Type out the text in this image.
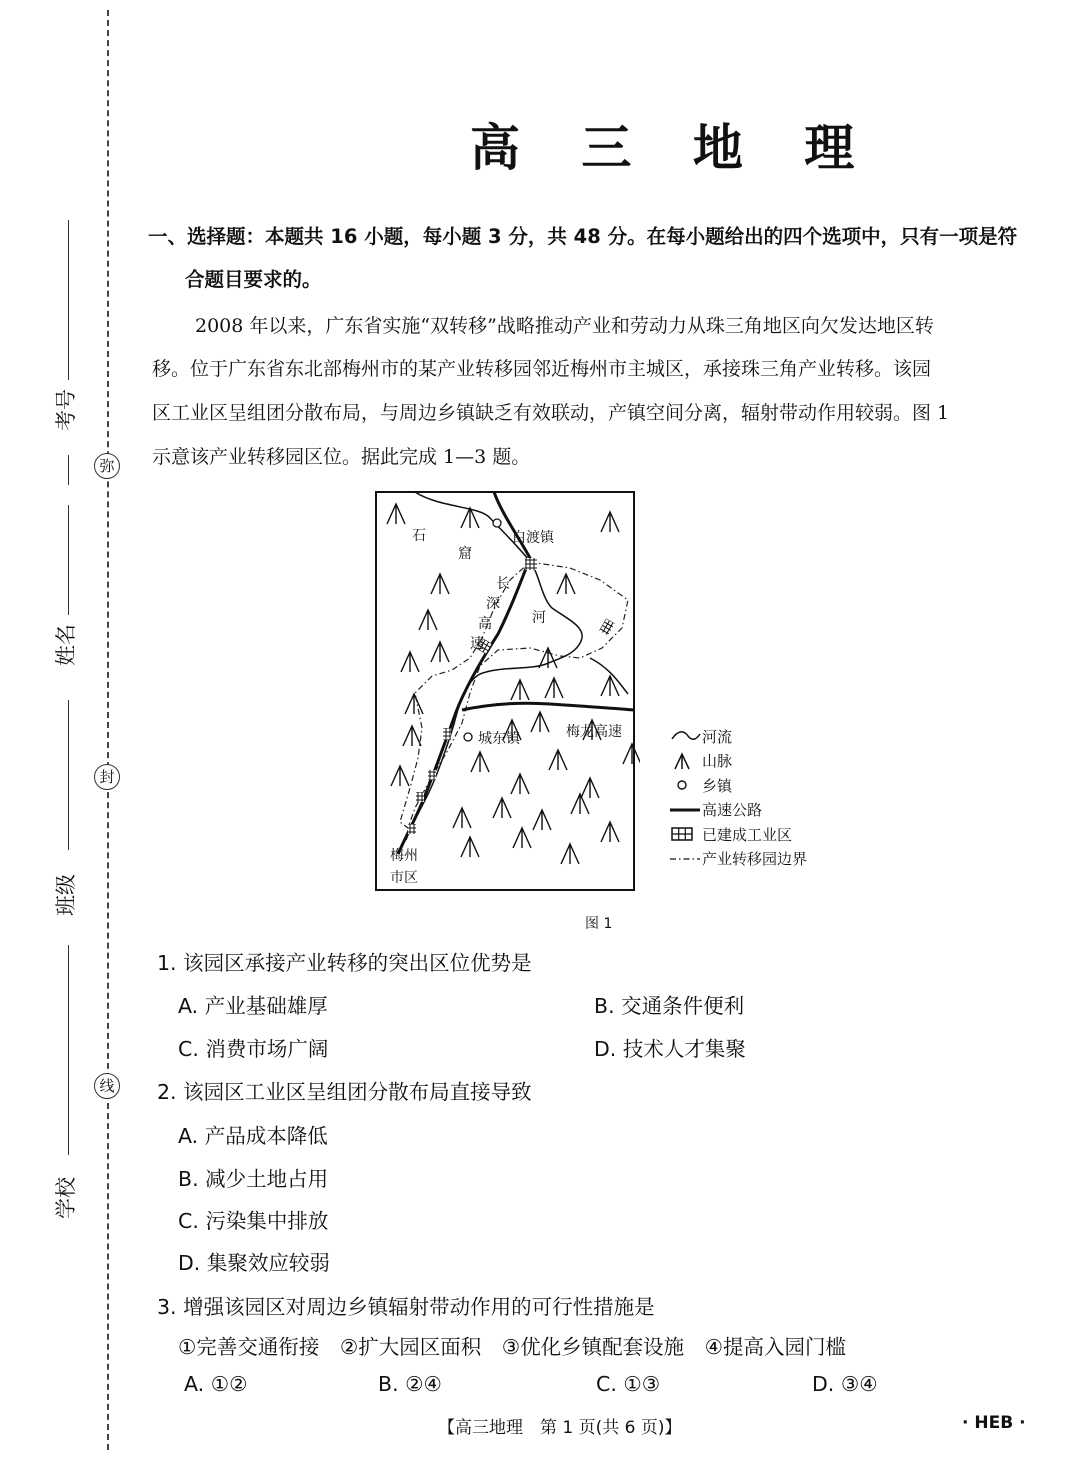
弥
封
线
考号
姓名
班级
学校
高 三 地 理
一、选择题：本题共 16 小题，每小题 3 分，共 48 分。在每小题给出的四个选项中，只有一项是符
合题目要求的。
2008 年以来，广东省实施“双转移”战略推动产业和劳动力从珠三角地区向欠发达地区转
移。位于广东省东北部梅州市的某产业转移园邻近梅州市主城区，承接珠三角产业转移。该园
区工业区呈组团分散布局，与周边乡镇缺乏有效联动，产镇空间分离，辐射带动作用较弱。图 1
示意该产业转移园区位。据此完成 1—3 题。
白渡镇
石
窟
河
长
深
高
速
城东镇	梅龙高速
梅州
市区
图 1
河流
山脉
乡镇
高速公路
已建成工业区
产业转移园边界
1. 该园区承接产业转移的突出区位优势是
A. 产业基础雄厚	B. 交通条件便利
C. 消费市场广阔	D. 技术人才集聚
2. 该园区工业区呈组团分散布局直接导致
A. 产品成本降低
B. 减少土地占用
C. 污染集中排放
D. 集聚效应较弱
3. 增强该园区对周边乡镇辐射带动作用的可行性措施是
①完善交通衔接　②扩大园区面积　③优化乡镇配套设施　④提高入园门槛
A. ①②	B. ②④	C. ①③	D. ③④
【高三地理　第 1 页(共 6 页)】	· HEB ·
